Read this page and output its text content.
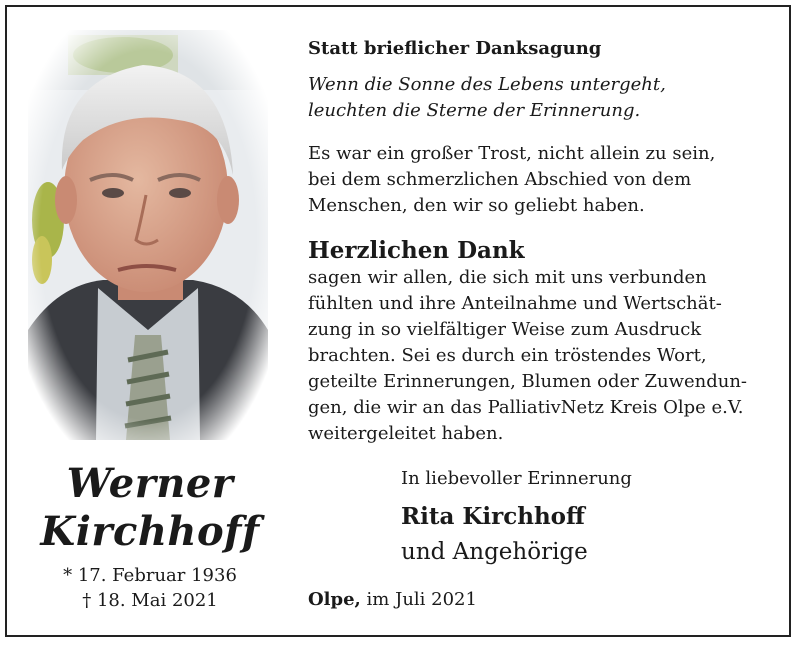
Werner
Kirchhoff
* 17. Februar 1936
† 18. Mai 2021
Statt brieflicher Danksagung
Wenn die Sonne des Lebens untergeht,
leuchten die Sterne der Erinnerung.
Es war ein großer Trost, nicht allein zu sein,
bei dem schmerzlichen Abschied von dem
Menschen, den wir so geliebt haben.
Herzlichen Dank
sagen wir allen, die sich mit uns verbunden
fühlten und ihre Anteilnahme und Wertschät-
zung in so vielfältiger Weise zum Ausdruck
brachten. Sei es durch ein tröstendes Wort,
geteilte Erinnerungen, Blumen oder Zuwendun-
gen, die wir an das PalliativNetz Kreis Olpe e.V.
weitergeleitet haben.
In liebevoller Erinnerung
Rita Kirchhoff
und Angehörige
Olpe, im Juli 2021
